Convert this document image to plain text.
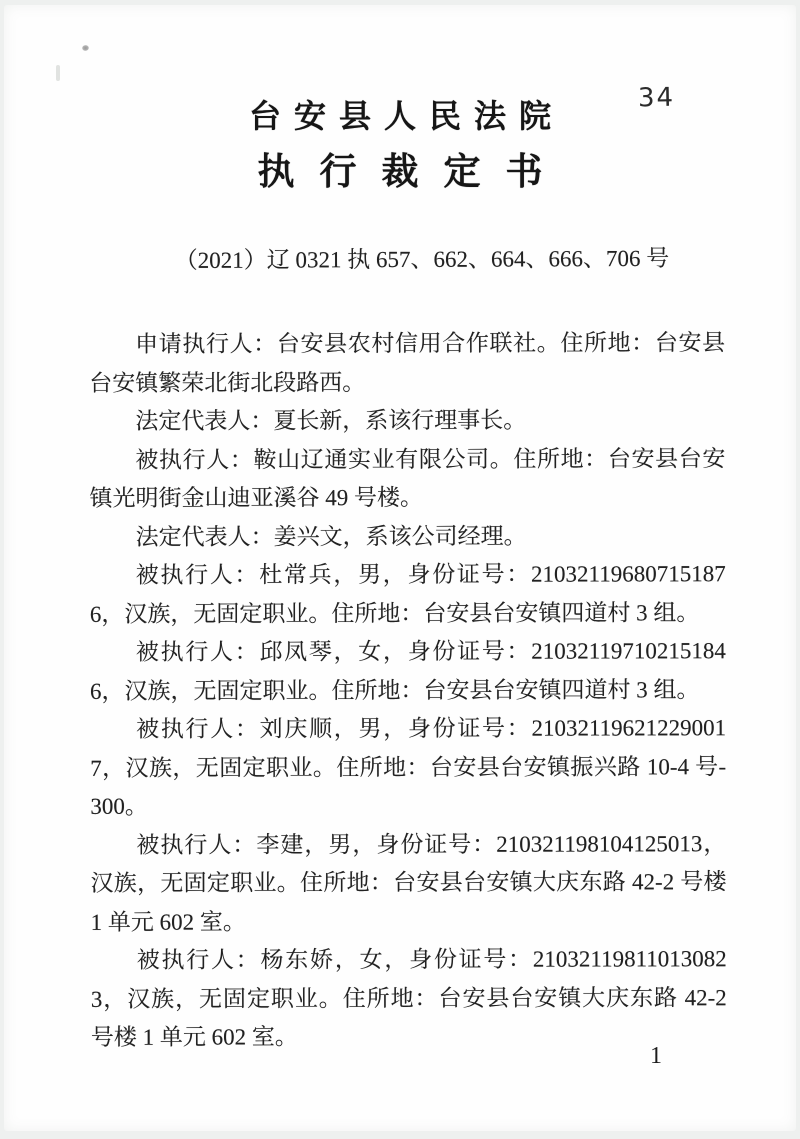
34
台安县人民法院
执行裁定书
（2021）辽 0321 执 657、662、664、666、706 号

申请执行人：台安县农村信用合作联社。住所地：台安县台安镇繁荣北街北段路西。

法定代表人：夏长新，系该行理事长。

被执行人：鞍山辽通实业有限公司。住所地：台安县台安镇光明街金山迪亚溪谷 49 号楼。

法定代表人：姜兴文，系该公司经理。

被执行人：杜常兵，男，身份证号：210321196807151876，汉族，无固定职业。住所地：台安县台安镇四道村 3 组。

被执行人：邱凤琴，女，身份证号：210321197102151846，汉族，无固定职业。住所地：台安县台安镇四道村 3 组。

被执行人：刘庆顺，男，身份证号：210321196212290017，汉族，无固定职业。住所地：台安县台安镇振兴路 10-4 号-300。

被执行人：李建，男，身份证号：210321198104125013，汉族，无固定职业。住所地：台安县台安镇大庆东路 42-2 号楼 1 单元 602 室。

被执行人：杨东娇，女，身份证号：210321198110130823，汉族，无固定职业。住所地：台安县台安镇大庆东路 42-2 号楼 1 单元 602 室。

1
